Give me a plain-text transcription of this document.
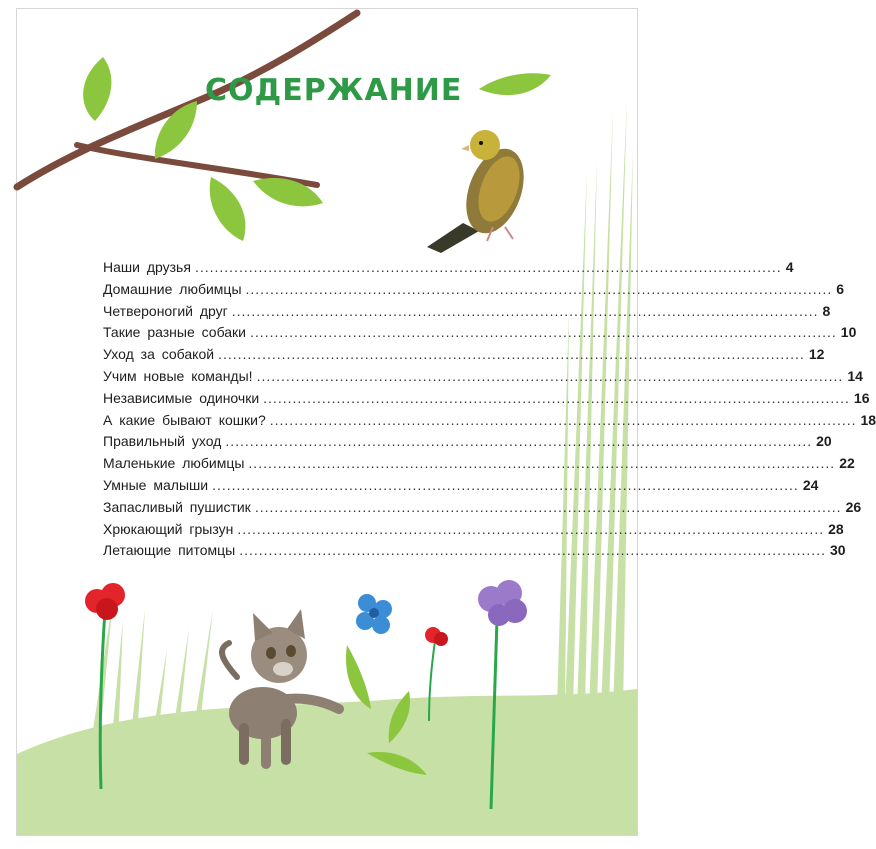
СОДЕРЖАНИЕ
Наши друзья ........................................................................................................................ 4
Домашние любимцы ........................................................................................................................ 6
Четвероногий друг ........................................................................................................................ 8
Такие разные собаки ........................................................................................................................ 10
Уход за собакой ........................................................................................................................ 12
Учим новые команды! ........................................................................................................................ 14
Независимые одиночки ........................................................................................................................ 16
А какие бывают кошки? ........................................................................................................................ 18
Правильный уход ........................................................................................................................ 20
Маленькие любимцы ........................................................................................................................ 22
Умные малыши ........................................................................................................................ 24
Запасливый пушистик ........................................................................................................................ 26
Хрюкающий грызун ........................................................................................................................ 28
Летающие питомцы ........................................................................................................................ 30
